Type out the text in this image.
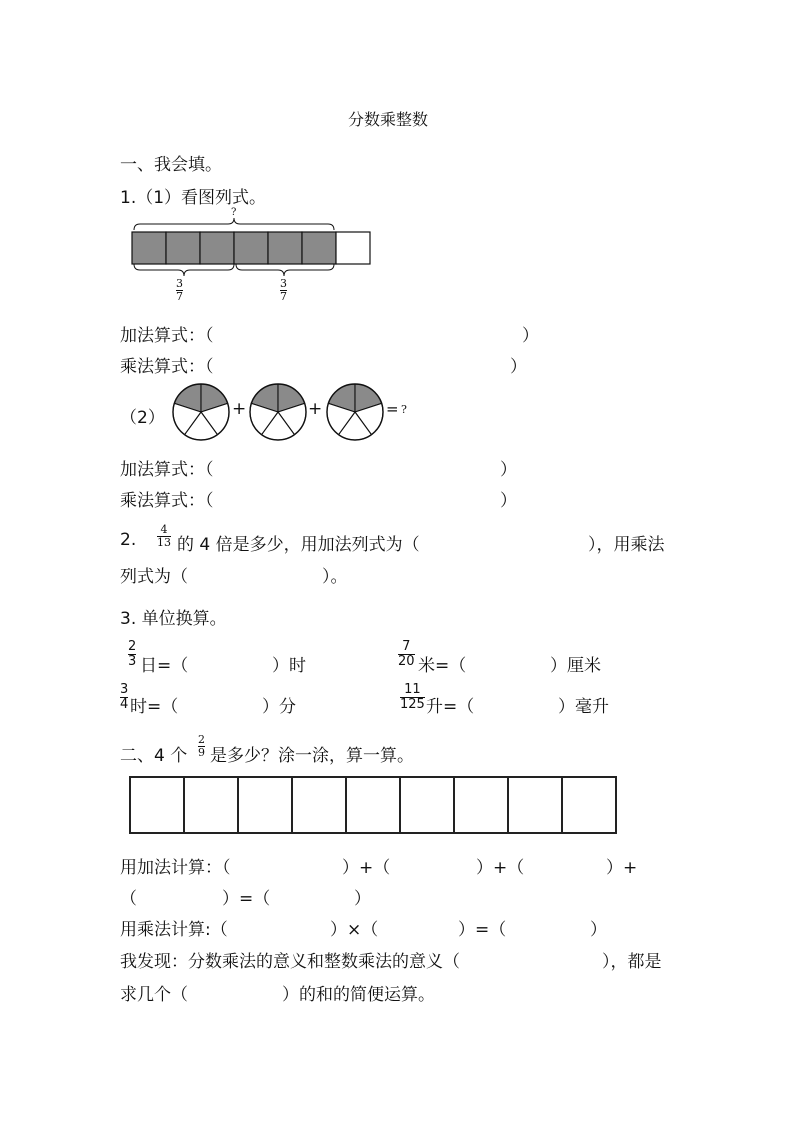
分数乘整数
一、我会填。
1.（1）看图列式。
?
3
7
3
7
加法算式：（	）
乘法算式：（	）
（2）	+	+	= ?
加法算式：（	）
乘法算式：（	）
2.
4
13 的 4 倍是多少，用加法列式为（	），用乘法
列式为（	）。
3. 单位换算。
2
3 日=（	）时
7
20 米=（	）厘米
3
4 时=（	）分
11
125 升=（	）毫升
二、4 个
2
9 是多少？涂一涂，算一算。
用加法计算：（	）+（	）+（	）+
（	）=（	）
用乘法计算:（	）×（	）=（	）
我发现：分数乘法的意义和整数乘法的意义（	），都是
求几个（	）的和的简便运算。
